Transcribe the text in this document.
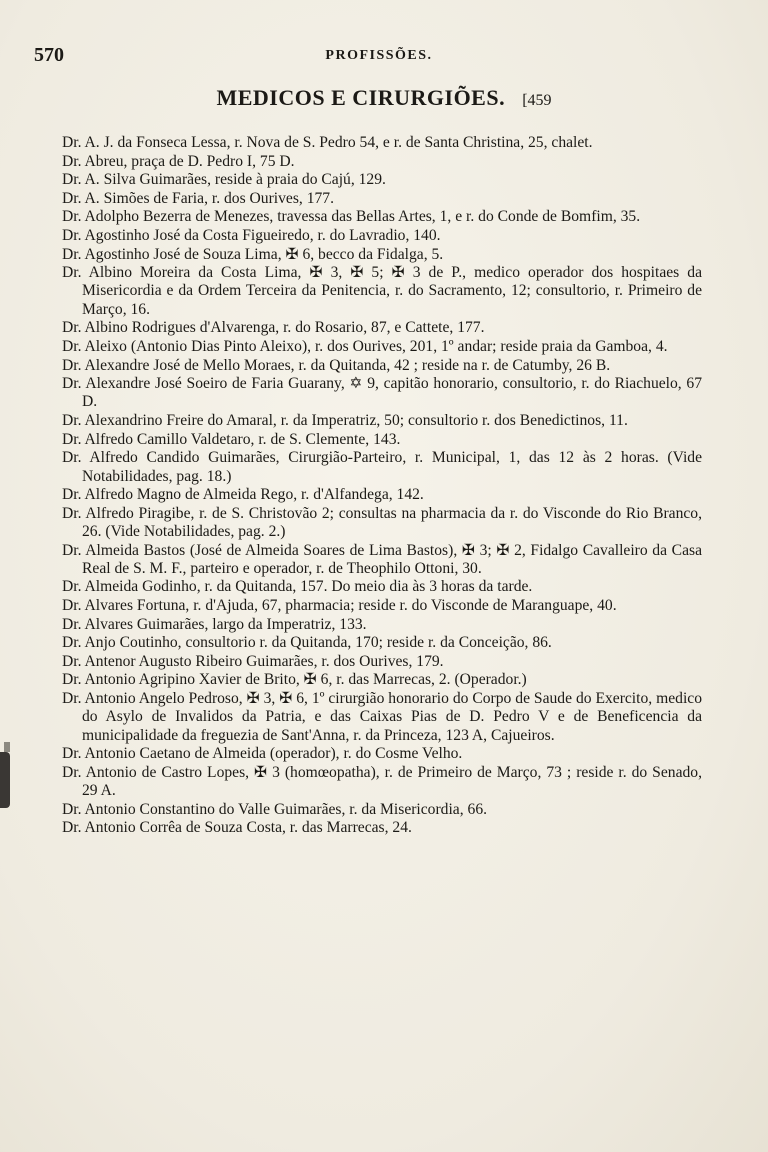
570	PROFISSÕES.
MEDICOS E CIRURGIÕES. [459

Dr. A. J. da Fonseca Lessa, r. Nova de S. Pedro 54, e r. de Santa Christina, 25, chalet.

Dr. Abreu, praça de D. Pedro I, 75 D.

Dr. A. Silva Guimarães, reside à praia do Cajú, 129.

Dr. A. Simões de Faria, r. dos Ourives, 177.

Dr. Adolpho Bezerra de Menezes, travessa das Bellas Artes, 1, e r. do Conde de Bomfim, 35.

Dr. Agostinho José da Costa Figueiredo, r. do Lavradio, 140.

Dr. Agostinho José de Souza Lima, ✠ 6, becco da Fidalga, 5.

Dr. Albino Moreira da Costa Lima, ✠ 3, ✠ 5; ✠ 3 de P., medico operador dos hospitaes da Misericordia e da Ordem Terceira da Penitencia, r. do Sacramento, 12; consultorio, r. Primeiro de Março, 16.

Dr. Albino Rodrigues d'Alvarenga, r. do Rosario, 87, e Cattete, 177.

Dr. Aleixo (Antonio Dias Pinto Aleixo), r. dos Ourives, 201, 1º andar; reside praia da Gamboa, 4.

Dr. Alexandre José de Mello Moraes, r. da Quitanda, 42 ; reside na r. de Catumby, 26 B.

Dr. Alexandre José Soeiro de Faria Guarany, ✡ 9, capitão honorario, consultorio, r. do Riachuelo, 67 D.

Dr. Alexandrino Freire do Amaral, r. da Imperatriz, 50; consultorio r. dos Benedictinos, 11.

Dr. Alfredo Camillo Valdetaro, r. de S. Clemente, 143.

Dr. Alfredo Candido Guimarães, Cirurgião-Parteiro, r. Municipal, 1, das 12 às 2 horas. (Vide Notabilidades, pag. 18.)

Dr. Alfredo Magno de Almeida Rego, r. d'Alfandega, 142.

Dr. Alfredo Piragibe, r. de S. Christovão 2; consultas na pharmacia da r. do Visconde do Rio Branco, 26. (Vide Notabilidades, pag. 2.)

Dr. Almeida Bastos (José de Almeida Soares de Lima Bastos), ✠ 3; ✠ 2, Fidalgo Cavalleiro da Casa Real de S. M. F., parteiro e operador, r. de Theophilo Ottoni, 30.

Dr. Almeida Godinho, r. da Quitanda, 157. Do meio dia às 3 horas da tarde.

Dr. Alvares Fortuna, r. d'Ajuda, 67, pharmacia; reside r. do Visconde de Maranguape, 40.

Dr. Alvares Guimarães, largo da Imperatriz, 133.

Dr. Anjo Coutinho, consultorio r. da Quitanda, 170; reside r. da Conceição, 86.

Dr. Antenor Augusto Ribeiro Guimarães, r. dos Ourives, 179.

Dr. Antonio Agripino Xavier de Brito, ✠ 6, r. das Marrecas, 2. (Operador.)

Dr. Antonio Angelo Pedroso, ✠ 3, ✠ 6, 1º cirurgião honorario do Corpo de Saude do Exercito, medico do Asylo de Invalidos da Patria, e das Caixas Pias de D. Pedro V e de Beneficencia da municipalidade da freguezia de Sant'Anna, r. da Princeza, 123 A, Cajueiros.

Dr. Antonio Caetano de Almeida (operador), r. do Cosme Velho.

Dr. Antonio de Castro Lopes, ✠ 3 (homœopatha), r. de Primeiro de Março, 73 ; reside r. do Senado, 29 A.

Dr. Antonio Constantino do Valle Guimarães, r. da Misericordia, 66.

Dr. Antonio Corrêa de Souza Costa, r. das Marrecas, 24.
